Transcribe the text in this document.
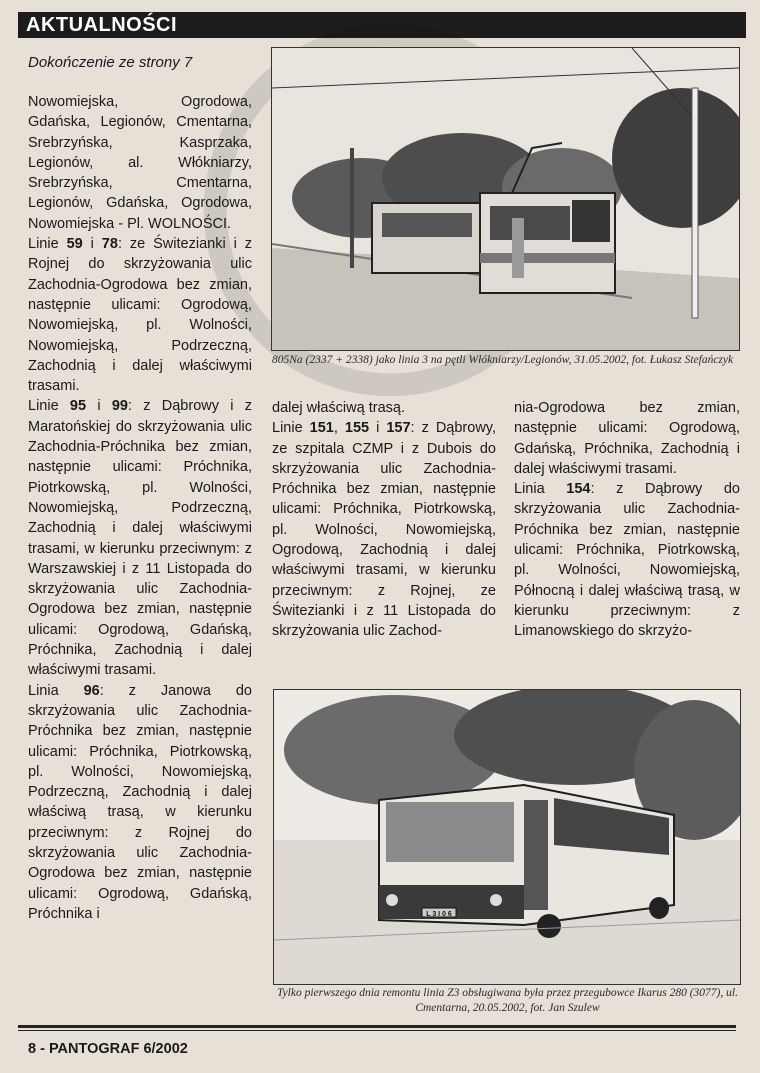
AKTUALNOŚCI
Dokończenie ze strony 7

Nowomiejska, Ogrodowa, Gdańska, Legionów, Cmentarna, Srebrzyńska, Kasprzaka, Legionów, al. Włókniarzy, Srebrzyńska, Cmentarna, Legionów, Gdańska, Ogrodowa, Nowomiejska - Pl. WOLNOŚCI.

Linie 59 i 78: ze Świtezianki i z Rojnej do skrzyżowania ulic Zachodnia-Ogrodowa bez zmian, następnie ulicami: Ogrodową, Nowomiejską, pl. Wolności, Nowomiejską, Podrzeczną, Zachodnią i dalej właściwymi trasami.

Linie 95 i 99: z Dąbrowy i z Maratońskiej do skrzyżowania ulic Zachodnia-Próchnika bez zmian, następnie ulicami: Próchnika, Piotrkowską, pl. Wolności, Nowomiejską, Podrzeczną, Zachodnią i dalej właściwymi trasami, w kierunku przeciwnym: z Warszawskiej i z 11 Listopada do skrzyżowania ulic Zachodnia-Ogrodowa bez zmian, następnie ulicami: Ogrodową, Gdańską, Próchnika, Zachodnią i dalej właściwymi trasami.

Linia 96: z Janowa do skrzyżowania ulic Zachodnia-Próchnika bez zmian, następnie ulicami: Próchnika, Piotrkowską, pl. Wolności, Nowomiejską, Podrzeczną, Zachodnią i dalej właściwą trasą, w kierunku przeciwnym: z Rojnej do skrzyżowania ulic Zachodnia-Ogrodowa bez zmian, następnie ulicami: Ogrodową, Gdańską, Próchnika i

805Na (2337 + 2338) jako linia 3 na pętli Włókniarzy/Legionów, 31.05.2002, fot. Łukasz Stefańczyk

dalej właściwą trasą.

Linie 151, 155 i 157: z Dąbrowy, ze szpitala CZMP i z Dubois do skrzyżowania ulic Zachodnia-Próchnika bez zmian, następnie ulicami: Próchnika, Piotrkowską, pl. Wolności, Nowomiejską, Ogrodową, Zachodnią i dalej właściwymi trasami, w kierunku przeciwnym: z Rojnej, ze Świtezianki i z 11 Listopada do skrzyżowania ulic Zachod-

nia-Ogrodowa bez zmian, następnie ulicami: Ogrodową, Gdańską, Próchnika, Zachodnią i dalej właściwymi trasami.

Linia 154: z Dąbrowy do skrzyżowania ulic Zachodnia-Próchnika bez zmian, następnie ulicami: Próchnika, Piotrkowską, pl. Wolności, Nowomiejską, Północną i dalej właściwą trasą, w kierunku przeciwnym: z Limanowskiego do skrzyżo-

L 3 I 0 6
Tylko pierwszego dnia remontu linia Z3 obsługiwana była przez przegubowce Ikarus 280 (3077), ul. Cmentarna, 20.05.2002, fot. Jan Szulew
8 - PANTOGRAF 6/2002
